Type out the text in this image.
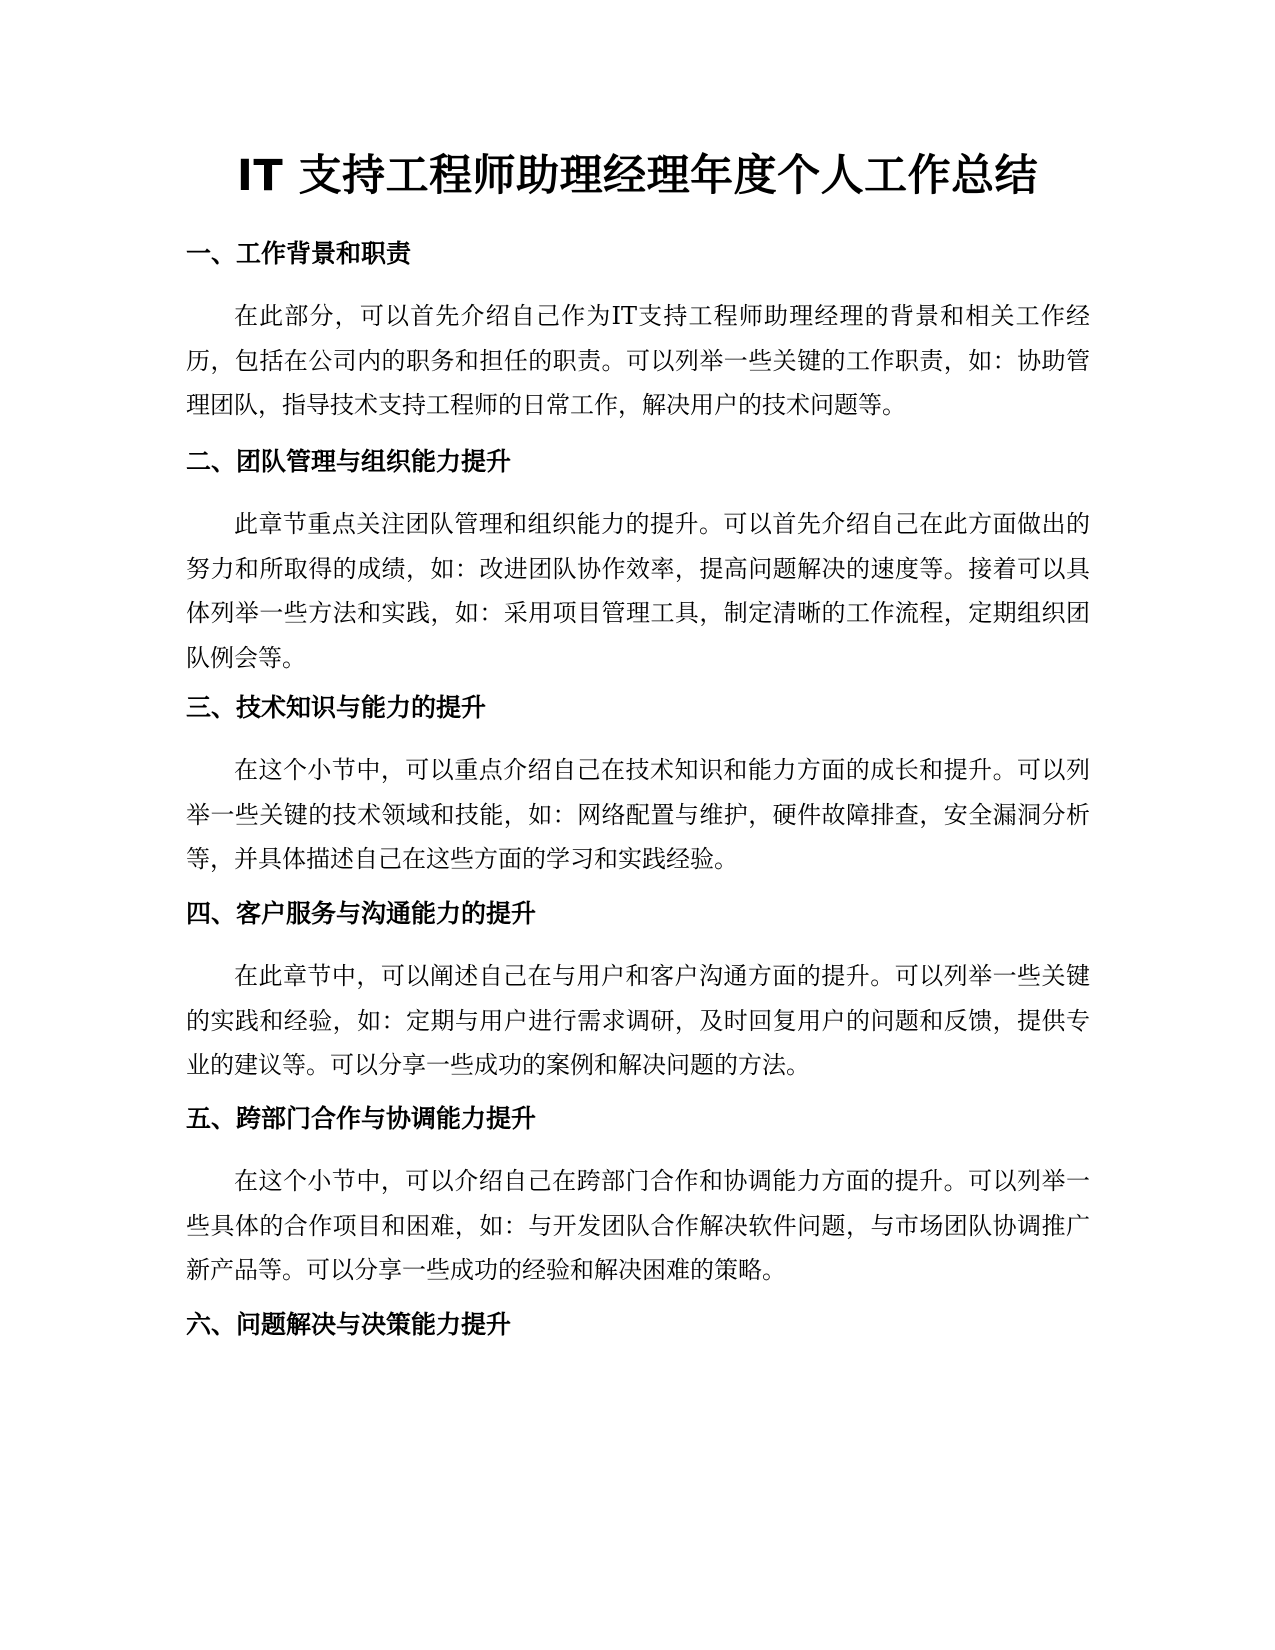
IT 支持工程师助理经理年度个人工作总结
一、工作背景和职责

在此部分，可以首先介绍自己作为IT支持工程师助理经理的背景和相关工作经历，包括在公司内的职务和担任的职责。可以列举一些关键的工作职责，如：协助管理团队，指导技术支持工程师的日常工作，解决用户的技术问题等。

二、团队管理与组织能力提升

此章节重点关注团队管理和组织能力的提升。可以首先介绍自己在此方面做出的努力和所取得的成绩，如：改进团队协作效率，提高问题解决的速度等。接着可以具体列举一些方法和实践，如：采用项目管理工具，制定清晰的工作流程，定期组织团队例会等。

三、技术知识与能力的提升

在这个小节中，可以重点介绍自己在技术知识和能力方面的成长和提升。可以列举一些关键的技术领域和技能，如：网络配置与维护，硬件故障排查，安全漏洞分析等，并具体描述自己在这些方面的学习和实践经验。

四、客户服务与沟通能力的提升

在此章节中，可以阐述自己在与用户和客户沟通方面的提升。可以列举一些关键的实践和经验，如：定期与用户进行需求调研，及时回复用户的问题和反馈，提供专业的建议等。可以分享一些成功的案例和解决问题的方法。

五、跨部门合作与协调能力提升

在这个小节中，可以介绍自己在跨部门合作和协调能力方面的提升。可以列举一些具体的合作项目和困难，如：与开发团队合作解决软件问题，与市场团队协调推广新产品等。可以分享一些成功的经验和解决困难的策略。

六、问题解决与决策能力提升
